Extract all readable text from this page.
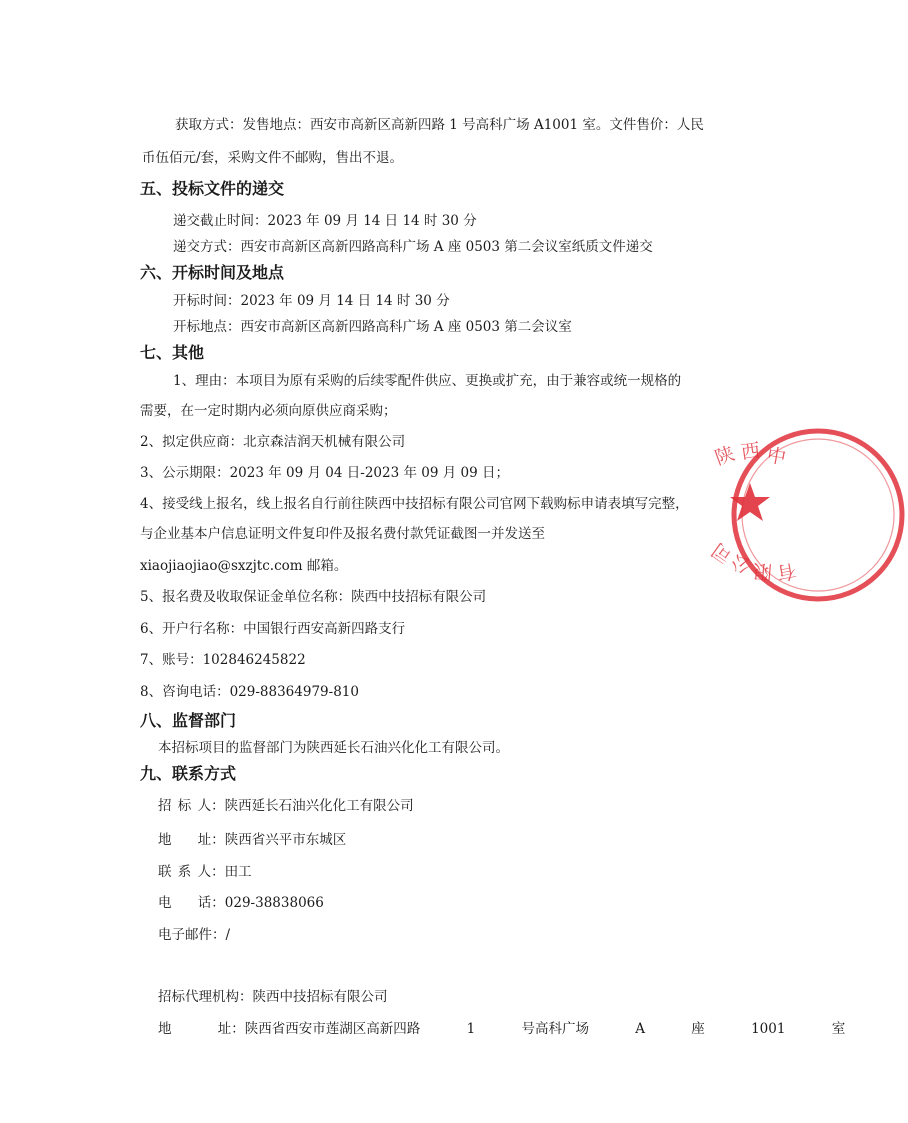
获取方式：发售地点：西安市高新区高新四路 1 号高科广场 A1001 室。文件售价：人民
币伍佰元/套，采购文件不邮购，售出不退。
五、投标文件的递交
递交截止时间：2023 年 09 月 14 日 14 时 30 分
递交方式：西安市高新区高新四路高科广场 A 座 0503 第二会议室纸质文件递交
六、开标时间及地点
开标时间：2023 年 09 月 14 日 14 时 30 分
开标地点：西安市高新区高新四路高科广场 A 座 0503 第二会议室
七、其他
1、理由：本项目为原有采购的后续零配件供应、更换或扩充，由于兼容或统一规格的
需要，在一定时期内必须向原供应商采购；
2、拟定供应商：北京森洁润天机械有限公司
3、公示期限：2023 年 09 月 04 日-2023 年 09 月 09 日；
4、接受线上报名，线上报名自行前往陕西中技招标有限公司官网下载购标申请表填写完整，
与企业基本户信息证明文件复印件及报名费付款凭证截图一并发送至
xiaojiaojiao@sxzjtc.com 邮箱。
5、报名费及收取保证金单位名称：陕西中技招标有限公司
6、开户行名称：中国银行西安高新四路支行
7、账号：102846245822
8、咨询电话：029-88364979-810
八、监督部门
本招标项目的监督部门为陕西延长石油兴化化工有限公司。
九、联系方式
招 标 人：陕西延长石油兴化化工有限公司
地 址：陕西省兴平市东城区
联 系 人：田工
电 话：029-38838066
电子邮件：/
招标代理机构：陕西中技招标有限公司
地 址：陕西省西安市莲湖区高新四路 1 号高科广场 A 座 1001 室
西
陕 中
公
限
司
有
